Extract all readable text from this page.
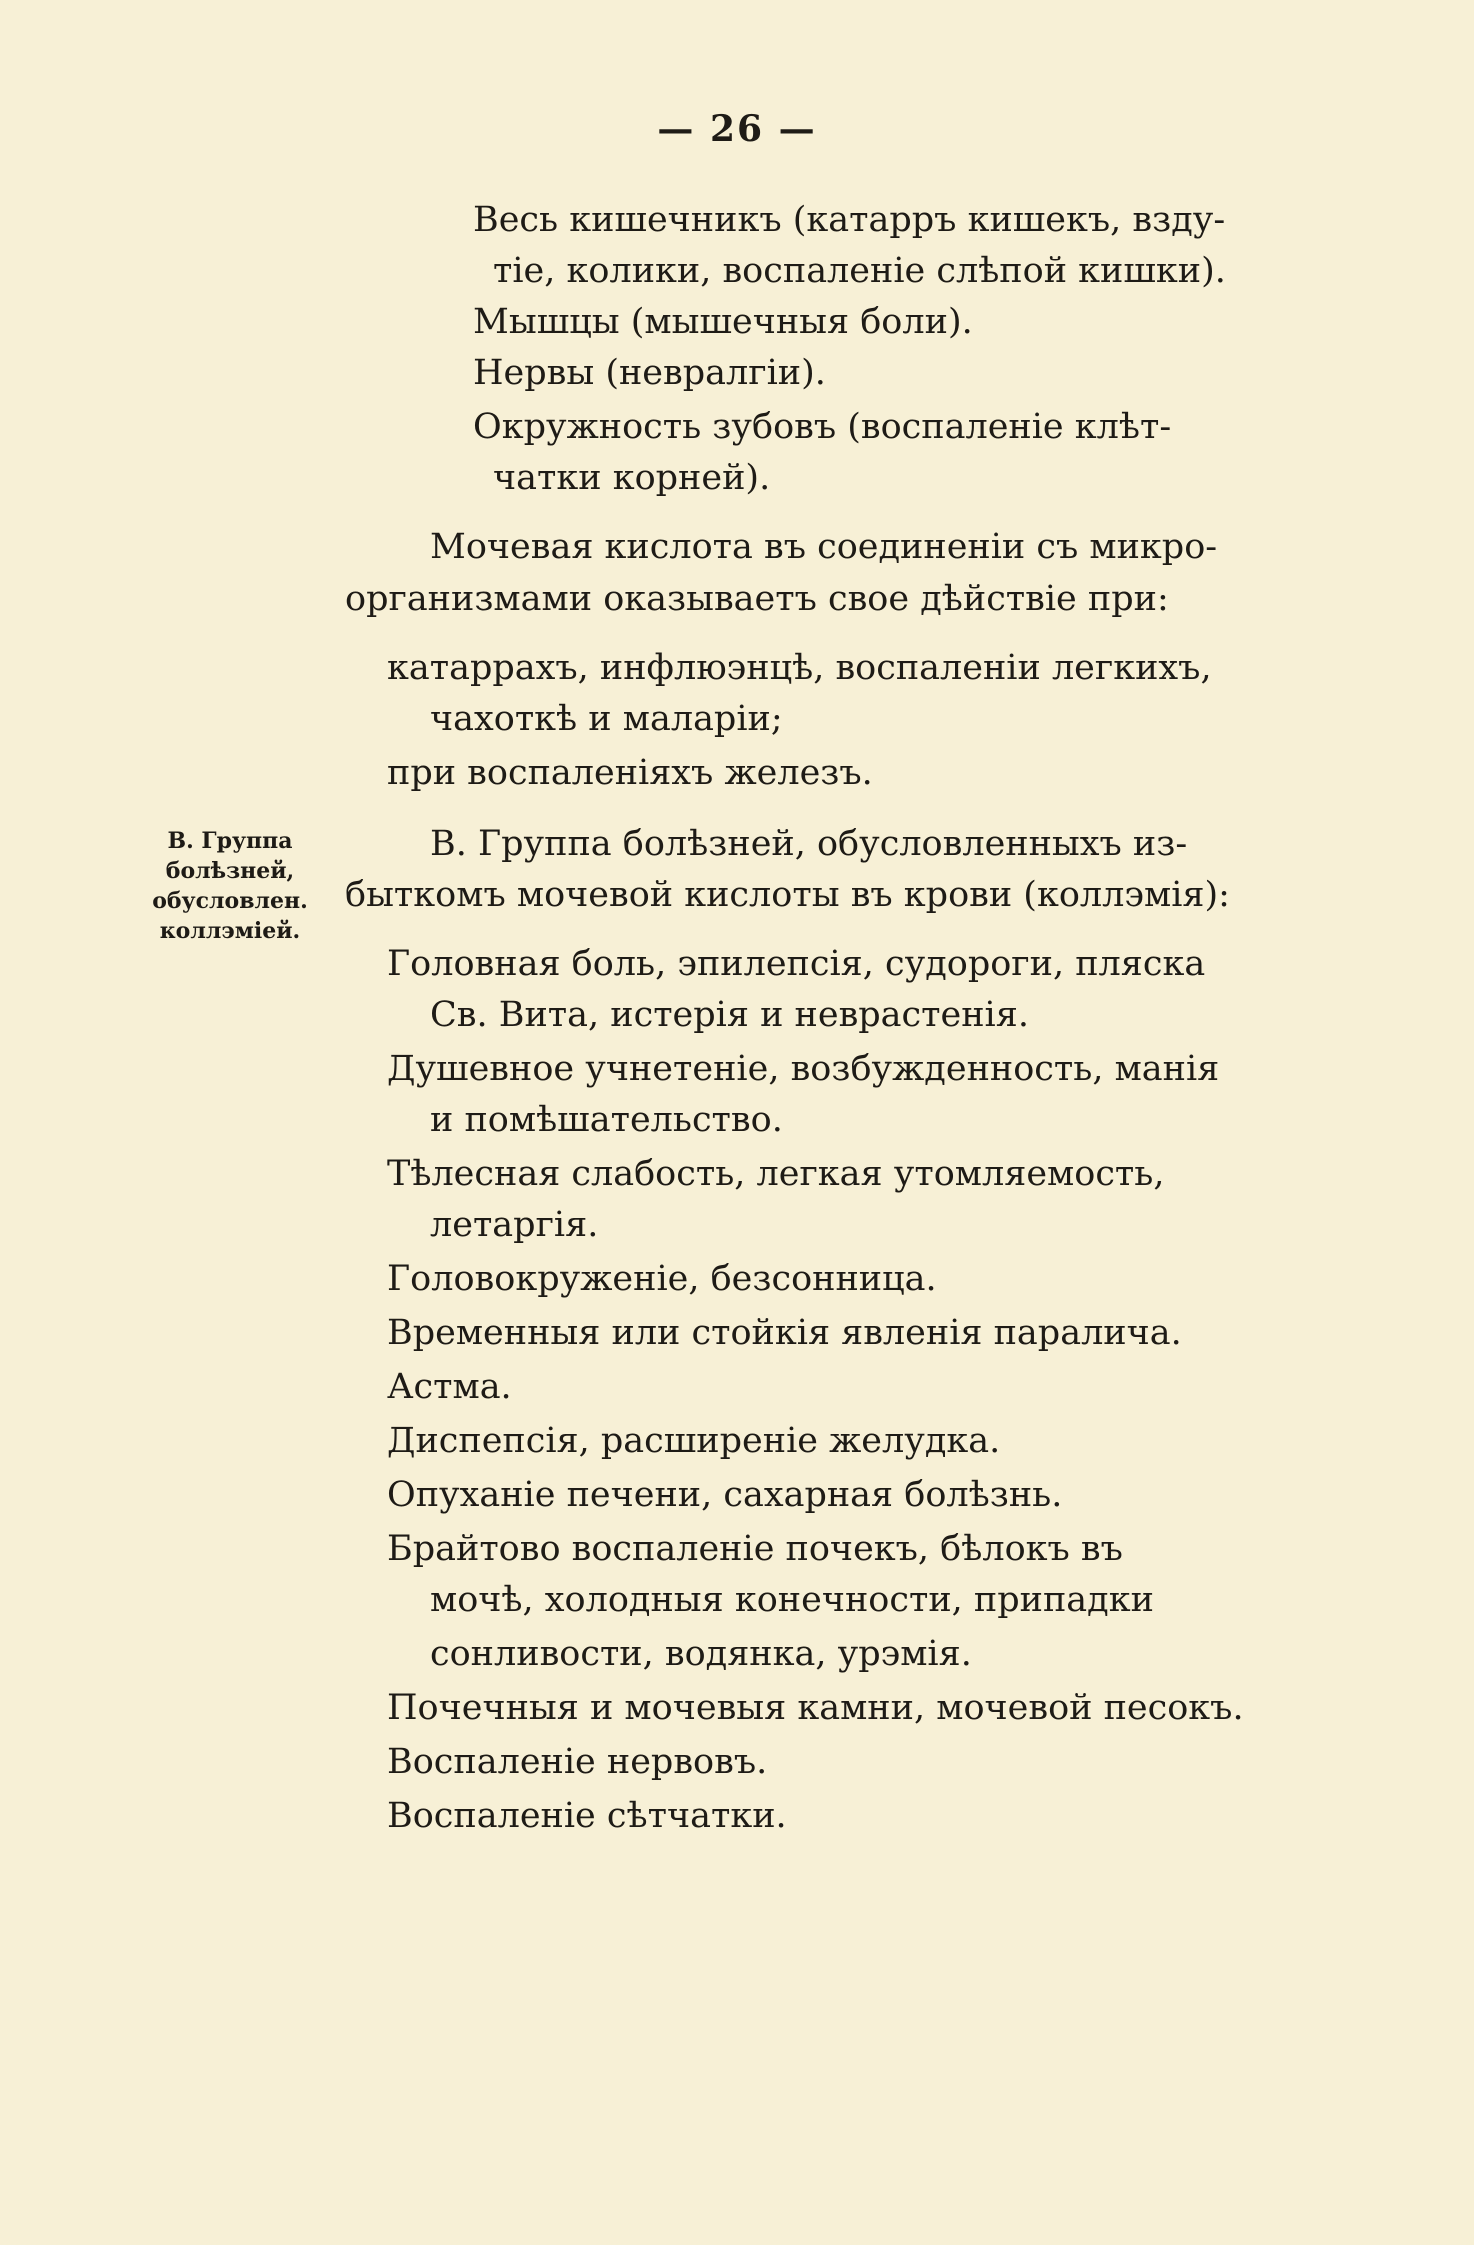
— 26 —
В. Группа
болѣзней,
обусловлен.
коллэміей.
Весь кишечникъ (катарръ кишекъ, взду-
тіе, колики, воспаленіе слѣпой кишки).
Мышцы (мышечныя боли).
Нервы (невралгіи).
Окружность зубовъ (воспаленіе клѣт-
чатки корней).
Мочевая кислота въ соединеніи съ микро-
организмами оказываетъ свое дѣйствіе при:
катаррахъ, инфлюэнцѣ, воспаленіи легкихъ,
чахоткѣ и маларіи;
при воспаленіяхъ железъ.
В. Группа болѣзней, обусловленныхъ из-
быткомъ мочевой кислоты въ крови (коллэмія):
Головная боль, эпилепсія, судороги, пляска
Св. Вита, истерія и неврастенія.
Душевное учнетеніе, возбужденность, манія
и помѣшательство.
Тѣлесная слабость, легкая утомляемость,
летаргія.
Головокруженіе, безсонница.
Временныя или стойкія явленія паралича.
Астма.
Диспепсія, расширеніе желудка.
Опуханіе печени, сахарная болѣзнь.
Брайтово воспаленіе почекъ, бѣлокъ въ
мочѣ, холодныя конечности, припадки
сонливости, водянка, урэмія.
Почечныя и мочевыя камни, мочевой песокъ.
Воспаленіе нервовъ.
Воспаленіе сѣтчатки.
